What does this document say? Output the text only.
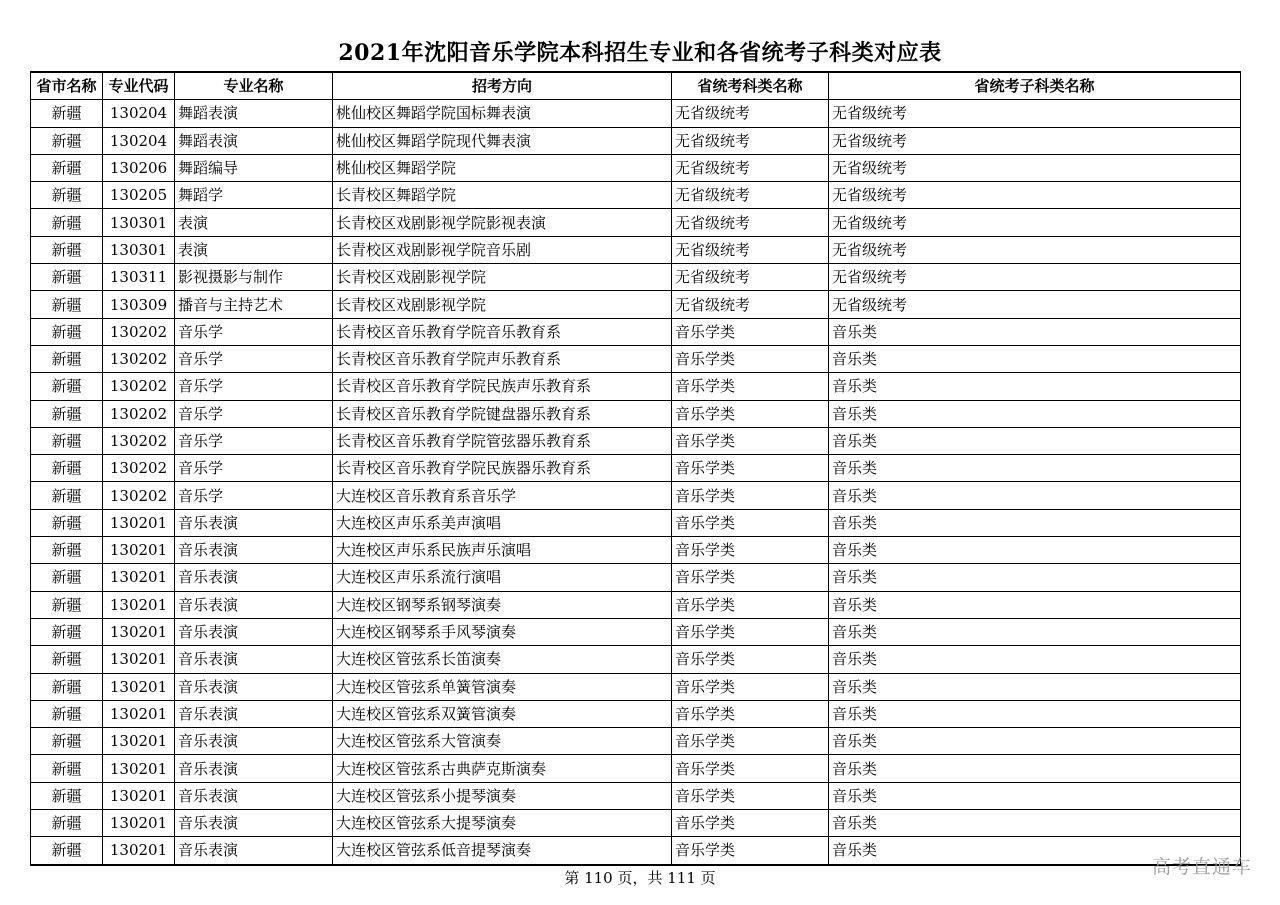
2021年沈阳音乐学院本科招生专业和各省统考子科类对应表
省市名称	专业代码	专业名称	招考方向	省统考科类名称	省统考子科类名称
新疆	130204	舞蹈表演	桃仙校区舞蹈学院国标舞表演	无省级统考	无省级统考
新疆	130204	舞蹈表演	桃仙校区舞蹈学院现代舞表演	无省级统考	无省级统考
新疆	130206	舞蹈编导	桃仙校区舞蹈学院	无省级统考	无省级统考
新疆	130205	舞蹈学	长青校区舞蹈学院	无省级统考	无省级统考
新疆	130301	表演	长青校区戏剧影视学院影视表演	无省级统考	无省级统考
新疆	130301	表演	长青校区戏剧影视学院音乐剧	无省级统考	无省级统考
新疆	130311	影视摄影与制作	长青校区戏剧影视学院	无省级统考	无省级统考
新疆	130309	播音与主持艺术	长青校区戏剧影视学院	无省级统考	无省级统考
新疆	130202	音乐学	长青校区音乐教育学院音乐教育系	音乐学类	音乐类
新疆	130202	音乐学	长青校区音乐教育学院声乐教育系	音乐学类	音乐类
新疆	130202	音乐学	长青校区音乐教育学院民族声乐教育系	音乐学类	音乐类
新疆	130202	音乐学	长青校区音乐教育学院键盘器乐教育系	音乐学类	音乐类
新疆	130202	音乐学	长青校区音乐教育学院管弦器乐教育系	音乐学类	音乐类
新疆	130202	音乐学	长青校区音乐教育学院民族器乐教育系	音乐学类	音乐类
新疆	130202	音乐学	大连校区音乐教育系音乐学	音乐学类	音乐类
新疆	130201	音乐表演	大连校区声乐系美声演唱	音乐学类	音乐类
新疆	130201	音乐表演	大连校区声乐系民族声乐演唱	音乐学类	音乐类
新疆	130201	音乐表演	大连校区声乐系流行演唱	音乐学类	音乐类
新疆	130201	音乐表演	大连校区钢琴系钢琴演奏	音乐学类	音乐类
新疆	130201	音乐表演	大连校区钢琴系手风琴演奏	音乐学类	音乐类
新疆	130201	音乐表演	大连校区管弦系长笛演奏	音乐学类	音乐类
新疆	130201	音乐表演	大连校区管弦系单簧管演奏	音乐学类	音乐类
新疆	130201	音乐表演	大连校区管弦系双簧管演奏	音乐学类	音乐类
新疆	130201	音乐表演	大连校区管弦系大管演奏	音乐学类	音乐类
新疆	130201	音乐表演	大连校区管弦系古典萨克斯演奏	音乐学类	音乐类
新疆	130201	音乐表演	大连校区管弦系小提琴演奏	音乐学类	音乐类
新疆	130201	音乐表演	大连校区管弦系大提琴演奏	音乐学类	音乐类
新疆	130201	音乐表演	大连校区管弦系低音提琴演奏	音乐学类	音乐类
第 110 页，共 111 页	高考直通车
